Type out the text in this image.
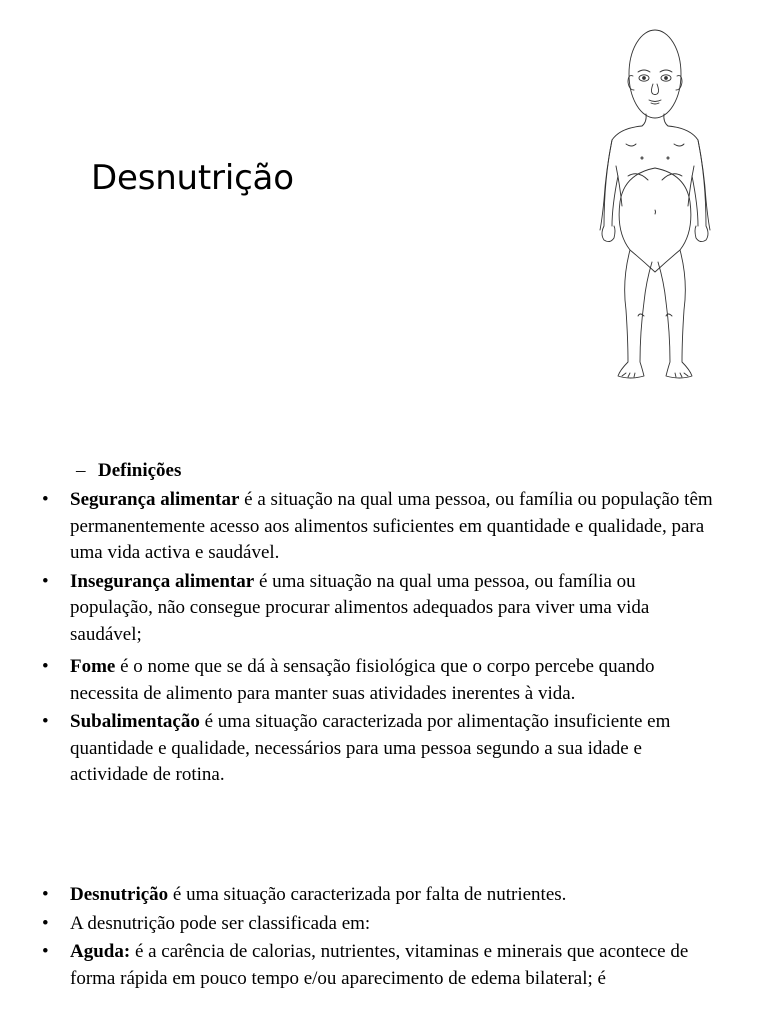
Desnutrição
– Definições
• Segurança alimentar é a situação na qual uma pessoa, ou família ou população têm permanentemente acesso aos alimentos suficientes em quantidade e qualidade, para uma vida activa e saudável.
• Insegurança alimentar é uma situação na qual uma pessoa, ou família ou população, não consegue procurar alimentos adequados para viver uma vida saudável;
• Fome é o nome que se dá à sensação fisiológica que o corpo percebe quando necessita de alimento para manter suas atividades inerentes à vida.
• Subalimentação é uma situação caracterizada por alimentação insuficiente em quantidade e qualidade, necessários para uma pessoa segundo a sua idade e actividade de rotina.
• Desnutrição é uma situação caracterizada por falta de nutrientes.
• A desnutrição pode ser classificada em:
• Aguda: é a carência de calorias, nutrientes, vitaminas e minerais que acontece de forma rápida em pouco tempo e/ou aparecimento de edema bilateral; é
